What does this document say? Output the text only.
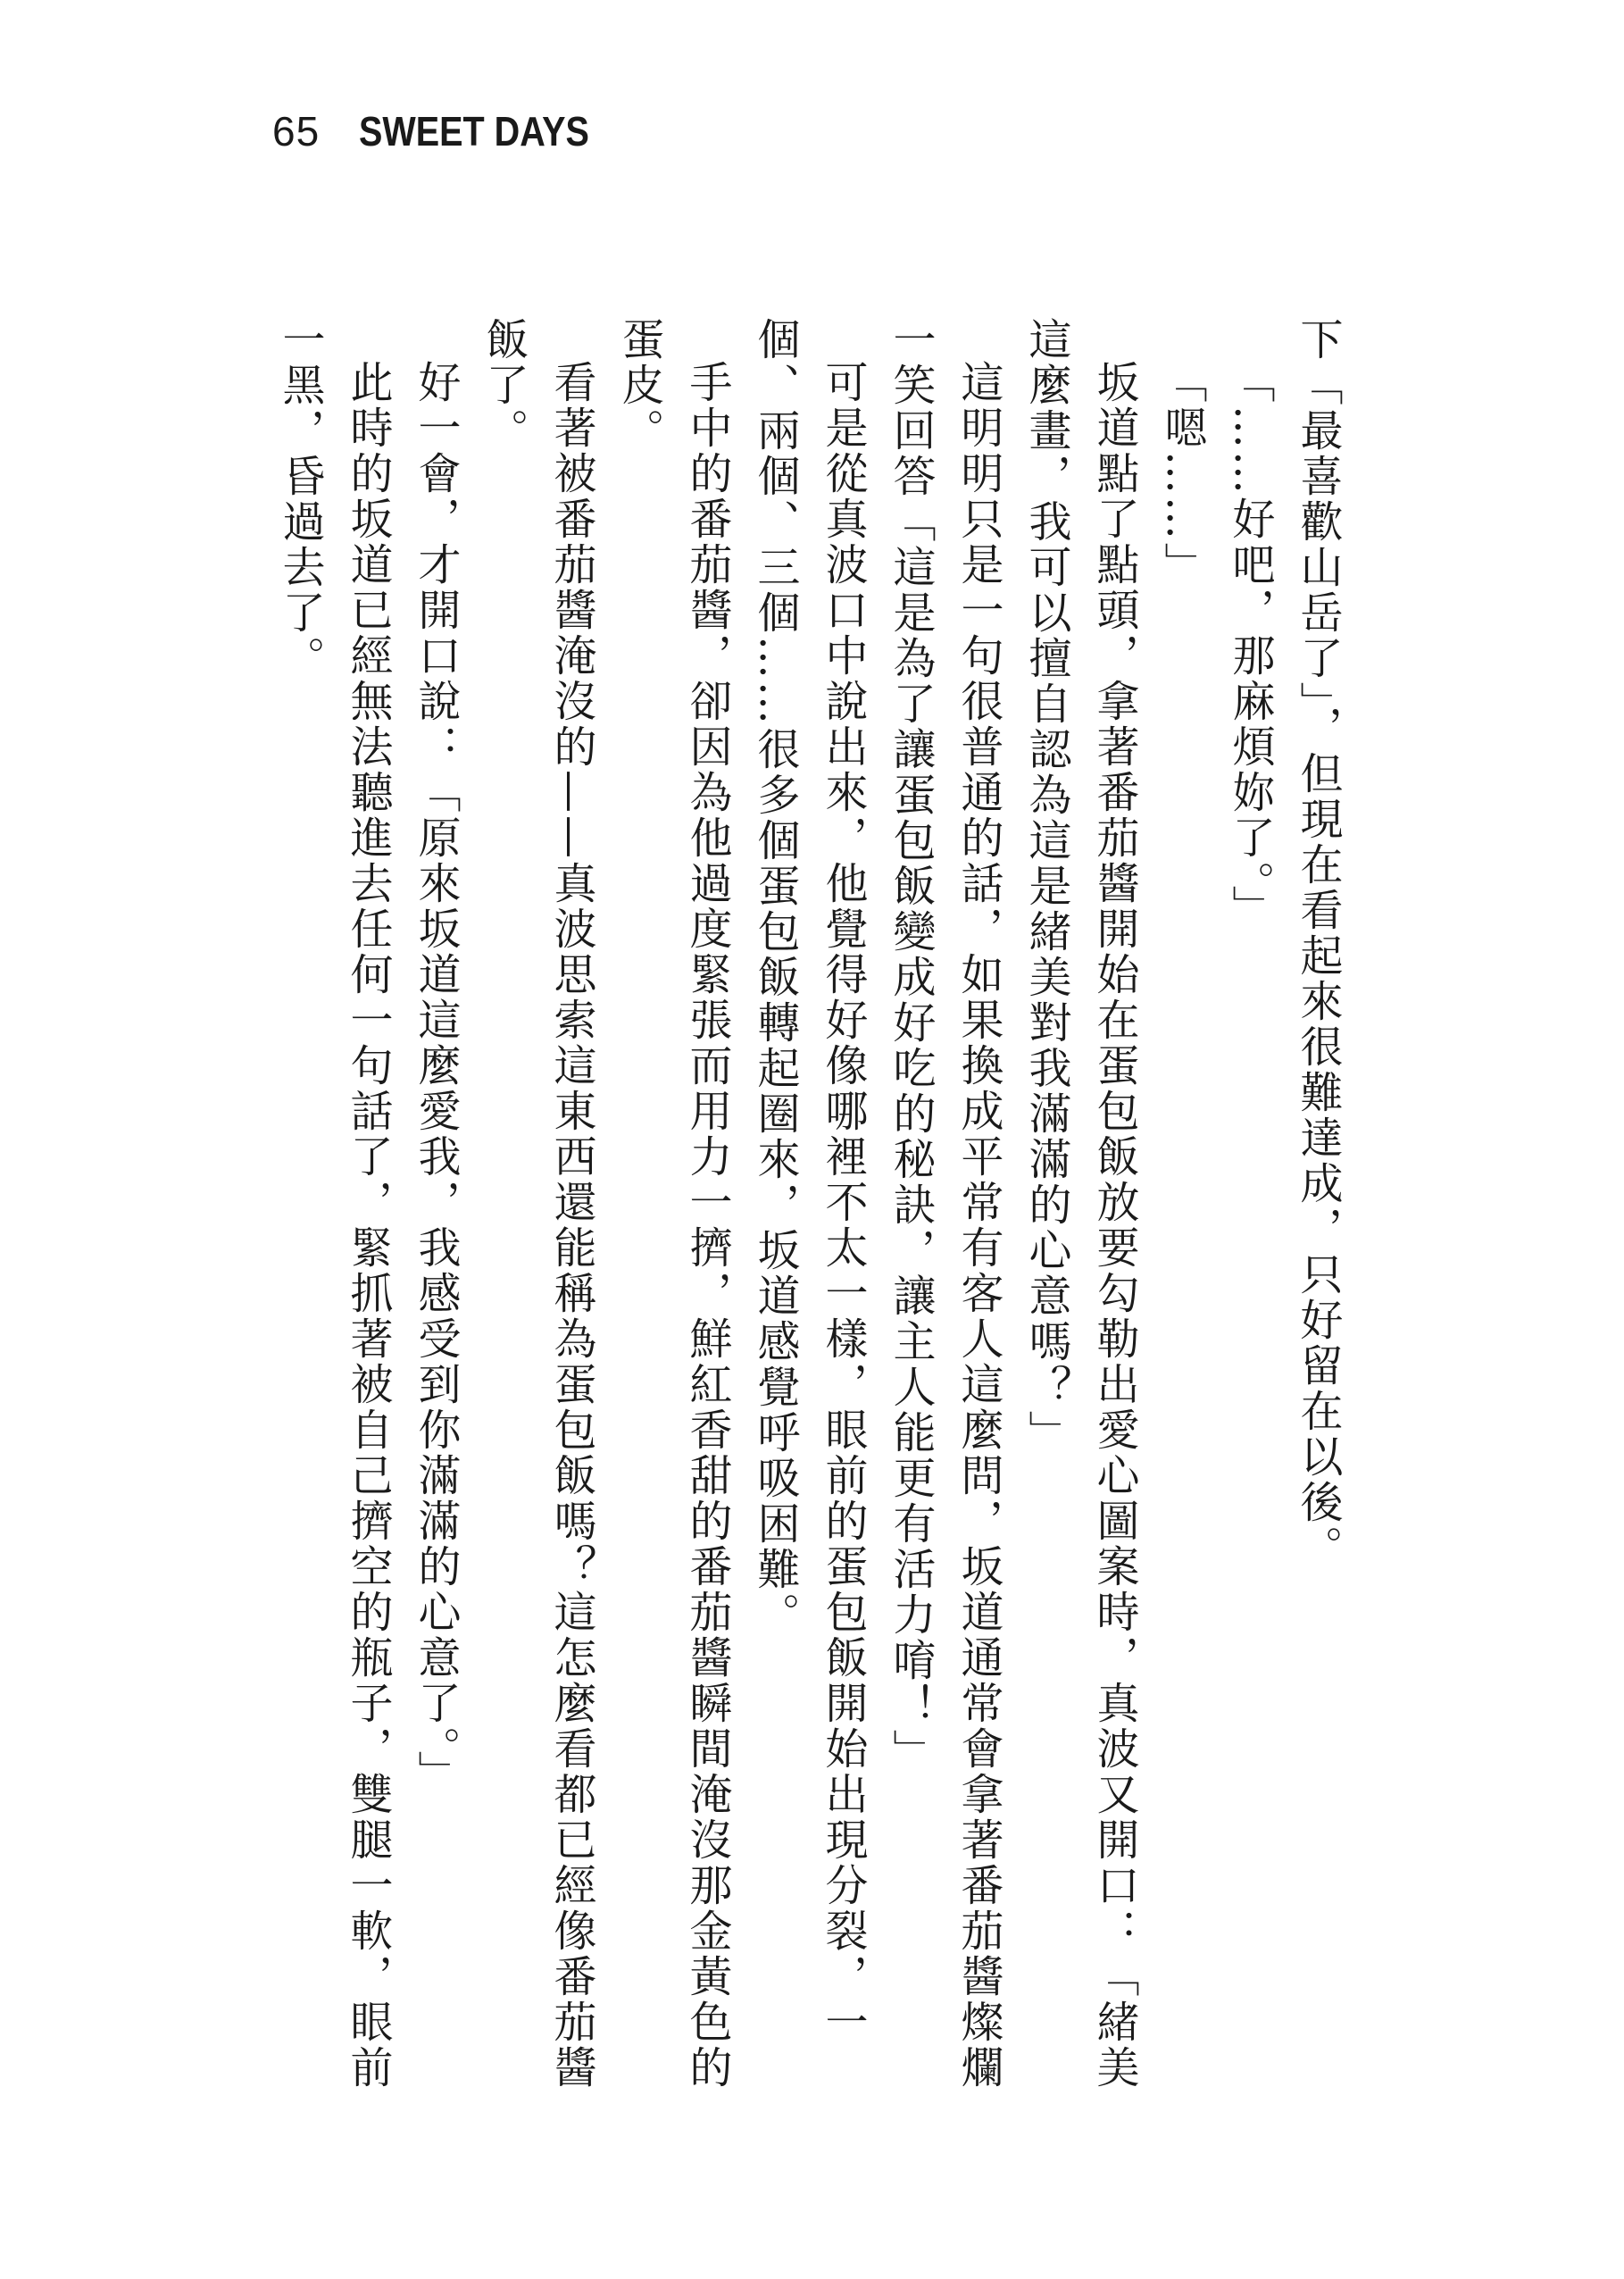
65 SWEET DAYS

下「最喜歡山岳了」，但現在看起來很難達成，只好留在以後。

「……好吧，那麻煩妳了。」

「嗯……」

坂道點了點頭，拿著番茄醬開始在蛋包飯放要勾勒出愛心圖案時，真波又開口：「緒美這麼畫，我可以擅自認為這是緒美對我滿滿的心意嗎？」

這明明只是一句很普通的話，如果換成平常有客人這麼問，坂道通常會拿著番茄醬燦爛一笑回答「這是為了讓蛋包飯變成好吃的秘訣，讓主人能更有活力唷！」

可是從真波口中說出來，他覺得好像哪裡不太一樣，眼前的蛋包飯開始出現分裂，一個、兩個、三個……很多個蛋包飯轉起圈來，坂道感覺呼吸困難。

手中的番茄醬，卻因為他過度緊張而用力一擠，鮮紅香甜的番茄醬瞬間淹沒那金黃色的蛋皮。

看著被番茄醬淹沒的——真波思索這東西還能稱為蛋包飯嗎？這怎麼看都已經像番茄醬飯了。

好一會，才開口說：「原來坂道這麼愛我，我感受到你滿滿的心意了。」

此時的坂道已經無法聽進去任何一句話了，緊抓著被自己擠空的瓶子，雙腿一軟，眼前一黑，昏過去了。
